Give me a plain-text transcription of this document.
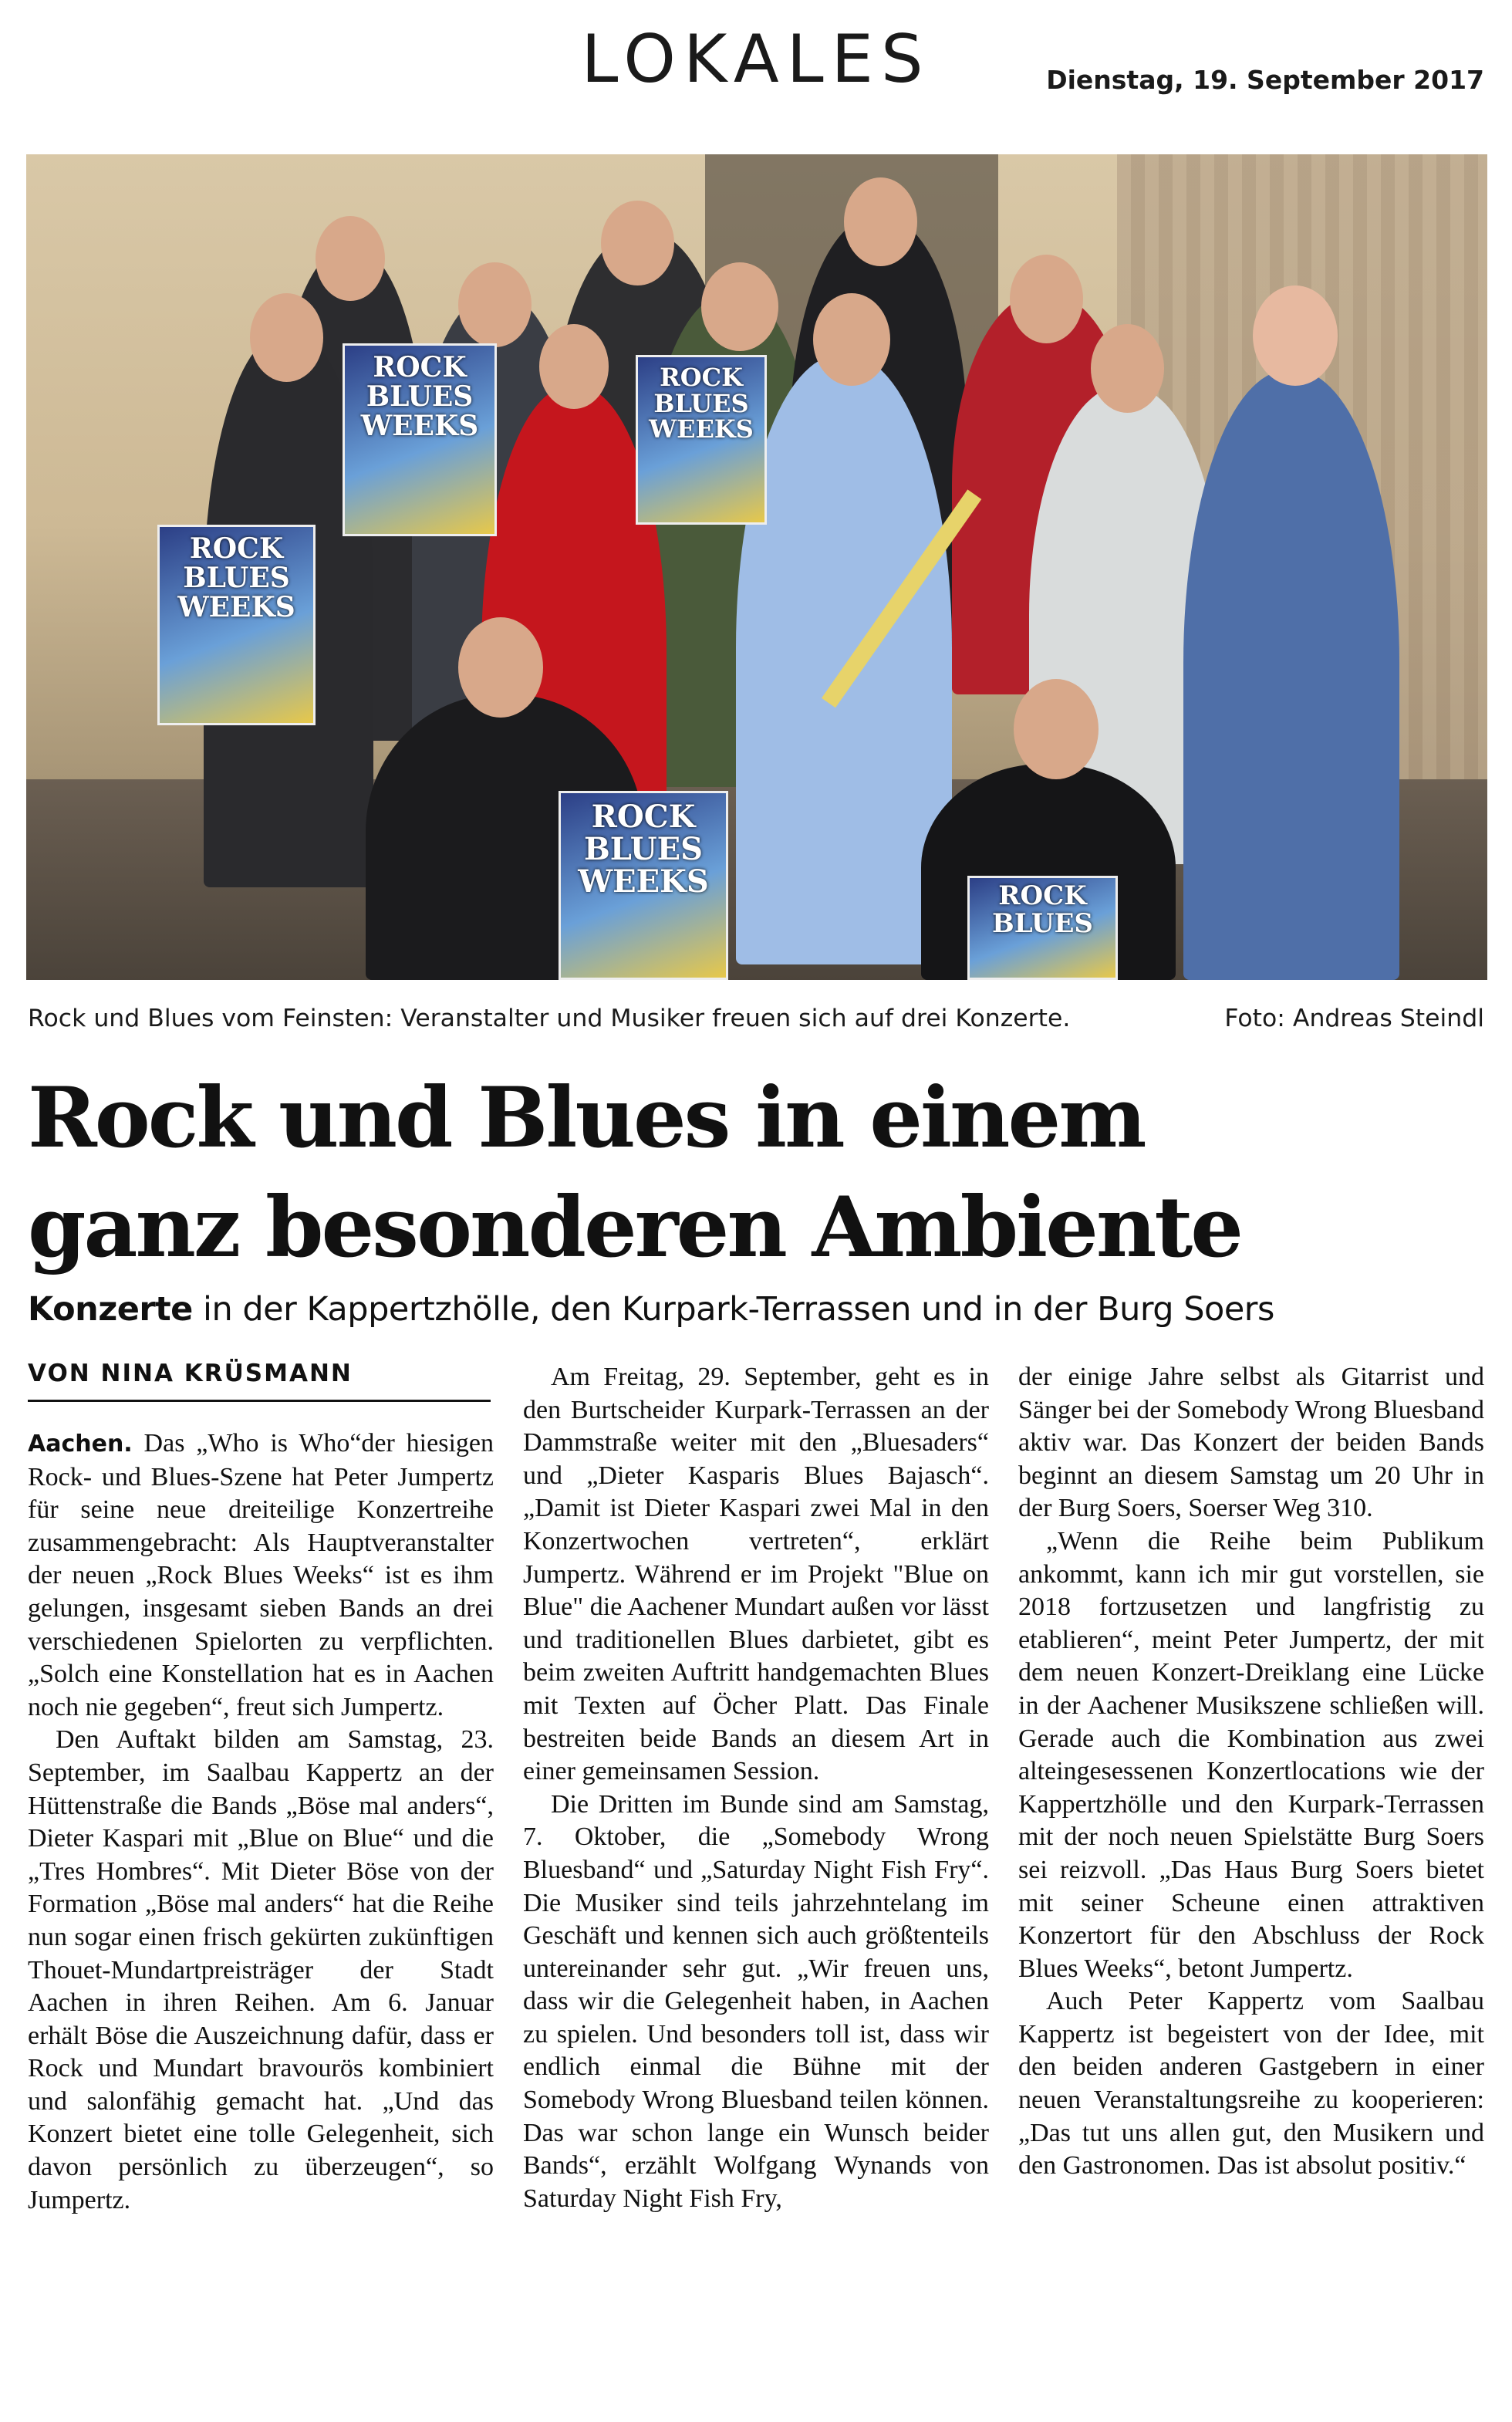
LOKALES	Dienstag, 19. September 2017
ROCK
BLUES
WEEKS
ROCK
BLUES
WEEKS
ROCK
BLUES
WEEKS
ROCK
BLUES
WEEKS	ROCK
BLUES
Rock und Blues vom Feinsten: Veranstalter und Musiker freuen sich auf drei Konzerte.	Foto: Andreas Steindl
Rock und Blues in einem
ganz besonderen Ambiente
Konzerte in der Kappertzhölle, den Kurpark-Terrassen und in der Burg Soers
VON NINA KRÜSMANN

Aachen. Das „Who is Who“der hiesigen Rock- und Blues-Szene hat Peter Jumpertz für seine neue dreiteilige Konzertreihe zusammengebracht: Als Hauptveranstalter der neuen „Rock Blues Weeks“ ist es ihm gelungen, insgesamt sieben Bands an drei verschiedenen Spielorten zu verpflichten. „Solch eine Konstellation hat es in Aachen noch nie gegeben“, freut sich Jumpertz.

Den Auftakt bilden am Samstag, 23. September, im Saalbau Kappertz an der Hüttenstraße die Bands „Böse mal anders“, Dieter Kaspari mit „Blue on Blue“ und die „Tres Hombres“. Mit Dieter Böse von der Formation „Böse mal anders“ hat die Reihe nun sogar einen frisch gekürten zukünftigen Thouet-Mundartpreisträger der Stadt Aachen in ihren Reihen. Am 6. Januar erhält Böse die Auszeichnung dafür, dass er Rock und Mundart bravourös kombiniert und salonfähig gemacht hat. „Und das Konzert bietet eine tolle Gelegenheit, sich davon persönlich zu überzeugen“, so Jumpertz.

Am Freitag, 29. September, geht es in den Burtscheider Kurpark-Terrassen an der Dammstraße weiter mit den „Bluesaders“ und „Dieter Kasparis Blues Bajasch“. „Damit ist Dieter Kaspari zwei Mal in den Konzertwochen vertreten“, erklärt Jumpertz. Während er im Projekt "Blue on Blue" die Aachener Mundart außen vor lässt und traditionellen Blues darbietet, gibt es beim zweiten Auftritt handgemachten Blues mit Texten auf Öcher Platt. Das Finale bestreiten beide Bands an diesem Art in einer gemeinsamen Session.

Die Dritten im Bunde sind am Samstag, 7. Oktober, die „Somebody Wrong Bluesband“ und „Saturday Night Fish Fry“. Die Musiker sind teils jahrzehntelang im Geschäft und kennen sich auch größtenteils untereinander sehr gut. „Wir freuen uns, dass wir die Gelegenheit haben, in Aachen zu spielen. Und besonders toll ist, dass wir endlich einmal die Bühne mit der Somebody Wrong Bluesband teilen können. Das war schon lange ein Wunsch beider Bands“, erzählt Wolfgang Wynands von Saturday Night Fish Fry,

der einige Jahre selbst als Gitarrist und Sänger bei der Somebody Wrong Bluesband aktiv war. Das Konzert der beiden Bands beginnt an diesem Samstag um 20 Uhr in der Burg Soers, Soerser Weg 310.

„Wenn die Reihe beim Publikum ankommt, kann ich mir gut vorstellen, sie 2018 fortzusetzen und langfristig zu etablieren“, meint Peter Jumpertz, der mit dem neuen Konzert-Dreiklang eine Lücke in der Aachener Musikszene schließen will. Gerade auch die Kombination aus zwei alteingesessenen Konzertlocations wie der Kappertzhölle und den Kurpark-Terrassen mit der noch neuen Spielstätte Burg Soers sei reizvoll. „Das Haus Burg Soers bietet mit seiner Scheune einen attraktiven Konzertort für den Abschluss der Rock Blues Weeks“, betont Jumpertz.

Auch Peter Kappertz vom Saalbau Kappertz ist begeistert von der Idee, mit den beiden anderen Gastgebern in einer neuen Veranstaltungsreihe zu kooperieren: „Das tut uns allen gut, den Musikern und den Gastronomen. Das ist absolut positiv.“
